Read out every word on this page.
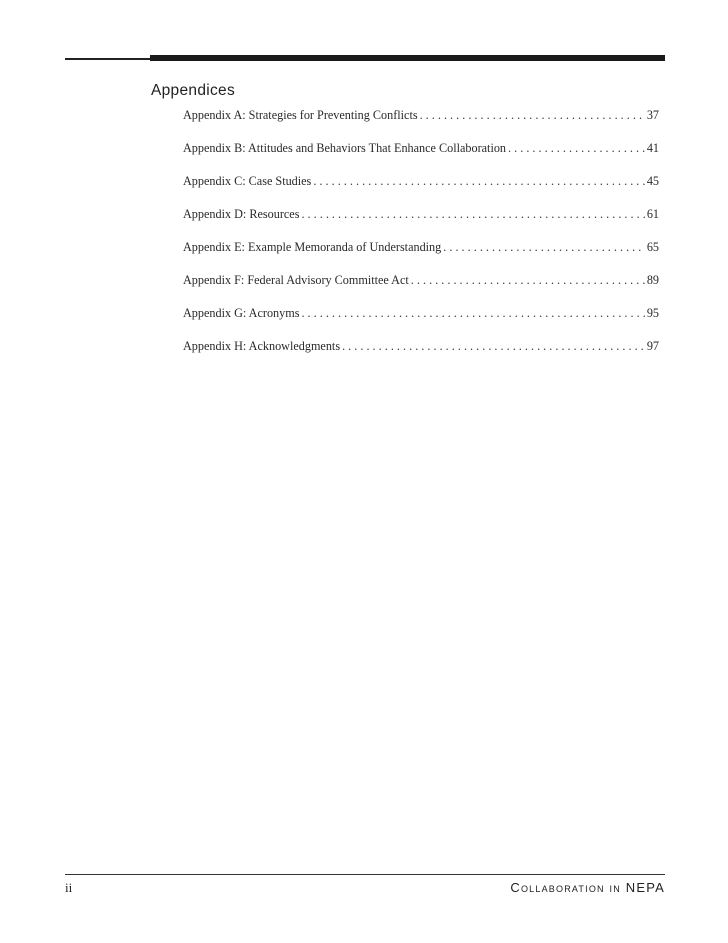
Appendices
Appendix A: Strategies for Preventing Conflicts . . .	37
Appendix B: Attitudes and Behaviors That Enhance Collaboration . . .	41
Appendix C: Case Studies . . .	45
Appendix D: Resources . . .	61
Appendix E: Example Memoranda of Understanding . . .	65
Appendix F: Federal Advisory Committee Act . . .	89
Appendix G: Acronyms . . .	95
Appendix H: Acknowledgments . . .	97
ii	Collaboration in NEPA
